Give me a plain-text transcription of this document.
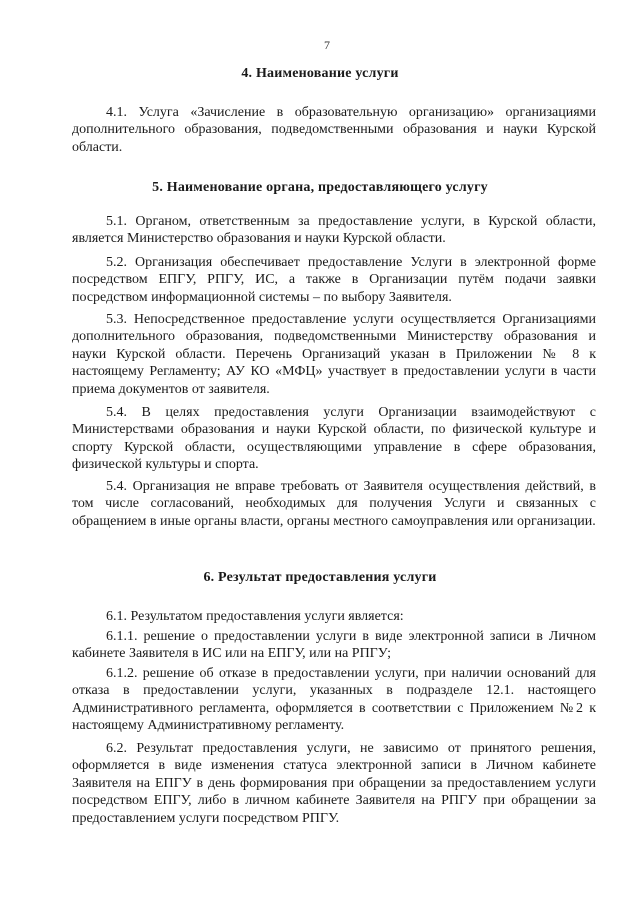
7
4. Наименование услуги
4.1. Услуга «Зачисление в образовательную организацию» организациями дополнительного образования, подведомственными образования и науки Курской области.
5. Наименование органа, предоставляющего услугу
5.1. Органом, ответственным за предоставление услуги, в Курской области, является Министерство образования и науки Курской области.
5.2. Организация обеспечивает предоставление Услуги в электронной форме посредством ЕПГУ, РПГУ, ИС, а также в Организации путём подачи заявки посредством информационной системы – по выбору Заявителя.
5.3. Непосредственное предоставление услуги осуществляется Организациями дополнительного образования, подведомственными Министерству образования и науки Курской области. Перечень Организаций указан в Приложении № 8 к настоящему Регламенту; АУ КО «МФЦ» участвует в предоставлении услуги в части приема документов от заявителя.
5.4. В целях предоставления услуги Организации взаимодействуют с Министерствами образования и науки Курской области, по физической культуре и спорту Курской области, осуществляющими управление в сфере образования, физической культуры и спорта.
5.4. Организация не вправе требовать от Заявителя осуществления действий, в том числе согласований, необходимых для получения Услуги и связанных с обращением в иные органы власти, органы местного самоуправления или организации.
6. Результат предоставления услуги
6.1. Результатом предоставления услуги является:
6.1.1. решение о предоставлении услуги в виде электронной записи в Личном кабинете Заявителя в ИС или на ЕПГУ, или на РПГУ;
6.1.2. решение об отказе в предоставлении услуги, при наличии оснований для отказа в предоставлении услуги, указанных в подразделе 12.1. настоящего Административного регламента, оформляется в соответствии с Приложением №2 к настоящему Административному регламенту.
6.2. Результат предоставления услуги, не зависимо от принятого решения, оформляется в виде изменения статуса электронной записи в Личном кабинете Заявителя на ЕПГУ в день формирования при обращении за предоставлением услуги посредством ЕПГУ, либо в личном кабинете Заявителя на РПГУ при обращении за предоставлением услуги посредством РПГУ.
